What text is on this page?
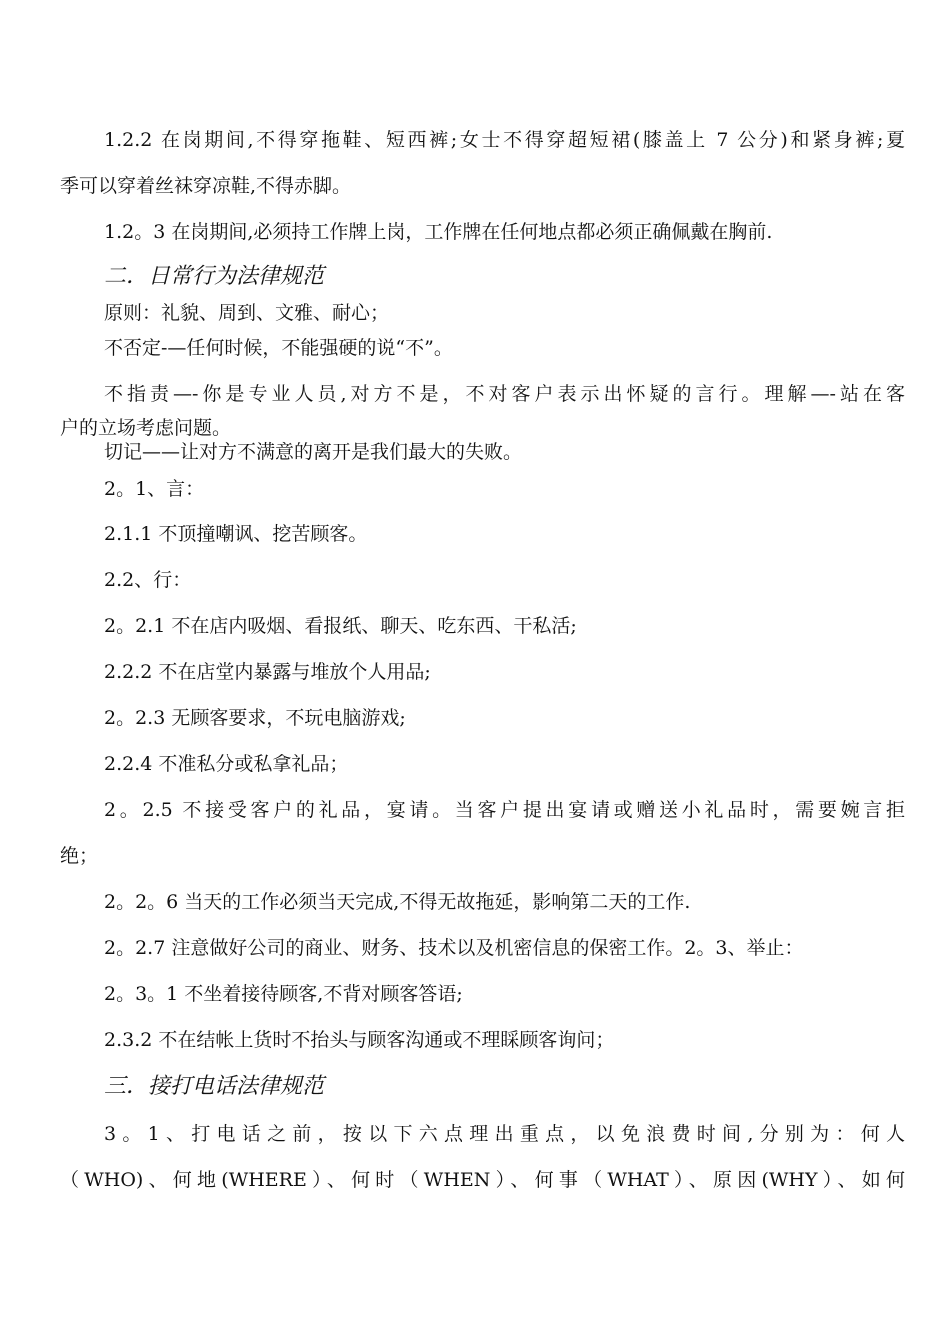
1.2.2 在岗期间,不得穿拖鞋、短西裤;女士不得穿超短裙(膝盖上 7 公分)和紧身裤;夏
季可以穿着丝袜穿凉鞋,不得赤脚。
1.2。3 在岗期间,必须持工作牌上岗，工作牌在任何地点都必须正确佩戴在胸前.
二．日常行为法律规范
原则：礼貌、周到、文雅、耐心；
不否定-—任何时候，不能强硬的说“不”。
不指责—-你是专业人员,对方不是，不对客户表示出怀疑的言行。理解—-站在客
户的立场考虑问题。
切记——让对方不满意的离开是我们最大的失败。
2。1、言：
2.1.1 不顶撞嘲讽、挖苦顾客。
2.2、行：
2。2.1 不在店内吸烟、看报纸、聊天、吃东西、干私活;
2.2.2 不在店堂内暴露与堆放个人用品;
2。2.3 无顾客要求，不玩电脑游戏;
2.2.4 不准私分或私拿礼品；
2。2.5 不接受客户的礼品，宴请。当客户提出宴请或赠送小礼品时，需要婉言拒
绝；
2。2。6 当天的工作必须当天完成,不得无故拖延，影响第二天的工作.
2。2.7 注意做好公司的商业、财务、技术以及机密信息的保密工作。2。3、举止：
2。3。1 不坐着接待顾客,不背对顾客答语;
2.3.2 不在结帐上货时不抬头与顾客沟通或不理睬顾客询问；
三．接打电话法律规范
3。1、打电话之前，按以下六点理出重点，以免浪费时间,分别为：何人
（WHO)、何地(WHERE）、何时（WHEN）、何事（WHAT）、原因(WHY）、如何
